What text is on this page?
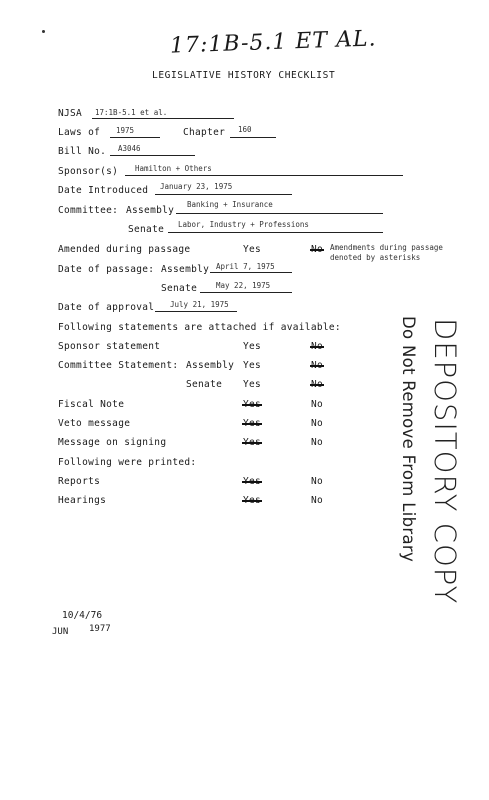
17:1B-5.1 ET AL.
LEGISLATIVE HISTORY CHECKLIST
NJSA 17:1B-5.1 et al.
Laws of 1975	Chapter 160
Bill No. A3046
Sponsor(s) Hamilton + Others
Date Introduced January 23, 1975
Committee: Assembly
Banking + Insurance
Senate Labor, Industry + Professions
Amended during passage	Yes	No Amendments during passage
denoted by asterisks
Date of passage: Assembly April 7, 1975
Senate	May 22, 1975
Date of approval July 21, 1975
Following statements are attached if available:
Sponsor statement	Yes	No
Committee Statement: Assembly Yes	No
Senate Yes	No
Fiscal Note	Yes	No
Veto message	Yes	No
Message on signing	Yes	No
Following were printed:
Reports	Yes	No
Hearings	Yes	No	DEPOSITORY COPY
Do Not Remove From Library
10/4/76
JUN 1977
